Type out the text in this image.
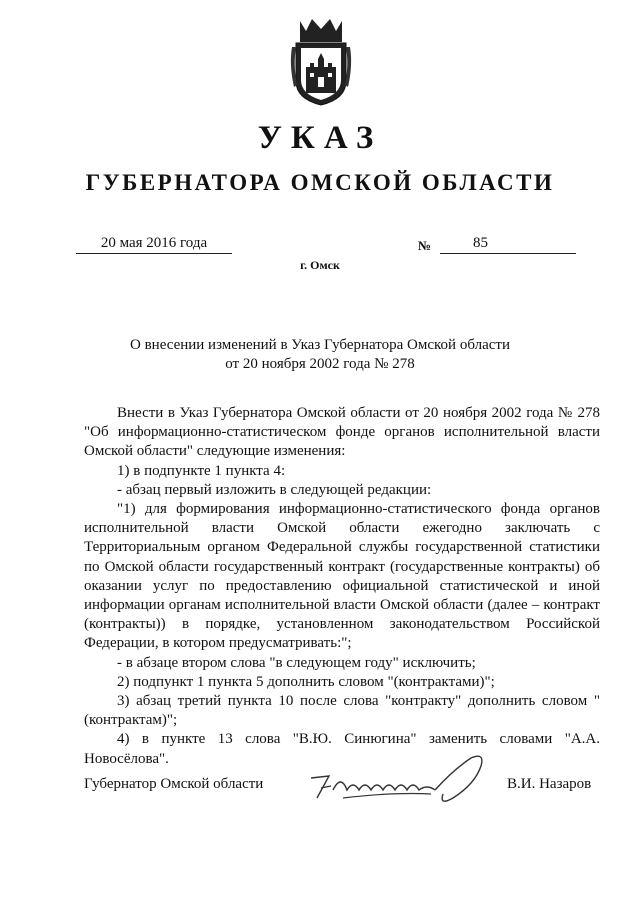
УКАЗ
ГУБЕРНАТОРА ОМСКОЙ ОБЛАСТИ
20 мая 2016 года	№	85
г. Омск
О внесении изменений в Указ Губернатора Омской области
от 20 ноября 2002 года № 278

Внести в Указ Губернатора Омской области от 20 ноября 2002 года № 278 "Об информационно-статистическом фонде органов исполнительной власти Омской области" следующие изменения:

1) в подпункте 1 пункта 4:

- абзац первый изложить в следующей редакции:

"1) для формирования информационно-статистического фонда органов исполнительной власти Омской области ежегодно заключать с Территориальным органом Федеральной службы государственной статистики по Омской области государственный контракт (государственные контракты) об оказании услуг по предоставлению официальной статистической и иной информации органам исполнительной власти Омской области (далее – контракт (контракты)) в порядке, установленном законодательством Российской Федерации, в котором предусматривать:";

- в абзаце втором слова "в следующем году" исключить;

2) подпункт 1 пункта 5 дополнить словом "(контрактами)";

3) абзац третий пункта 10 после слова "контракту" дополнить словом "(контрактам)";

4) в пункте 13 слова "В.Ю. Синюгина" заменить словами "А.А. Новосёлова".

Губернатор Омской области	В.И. Назаров
